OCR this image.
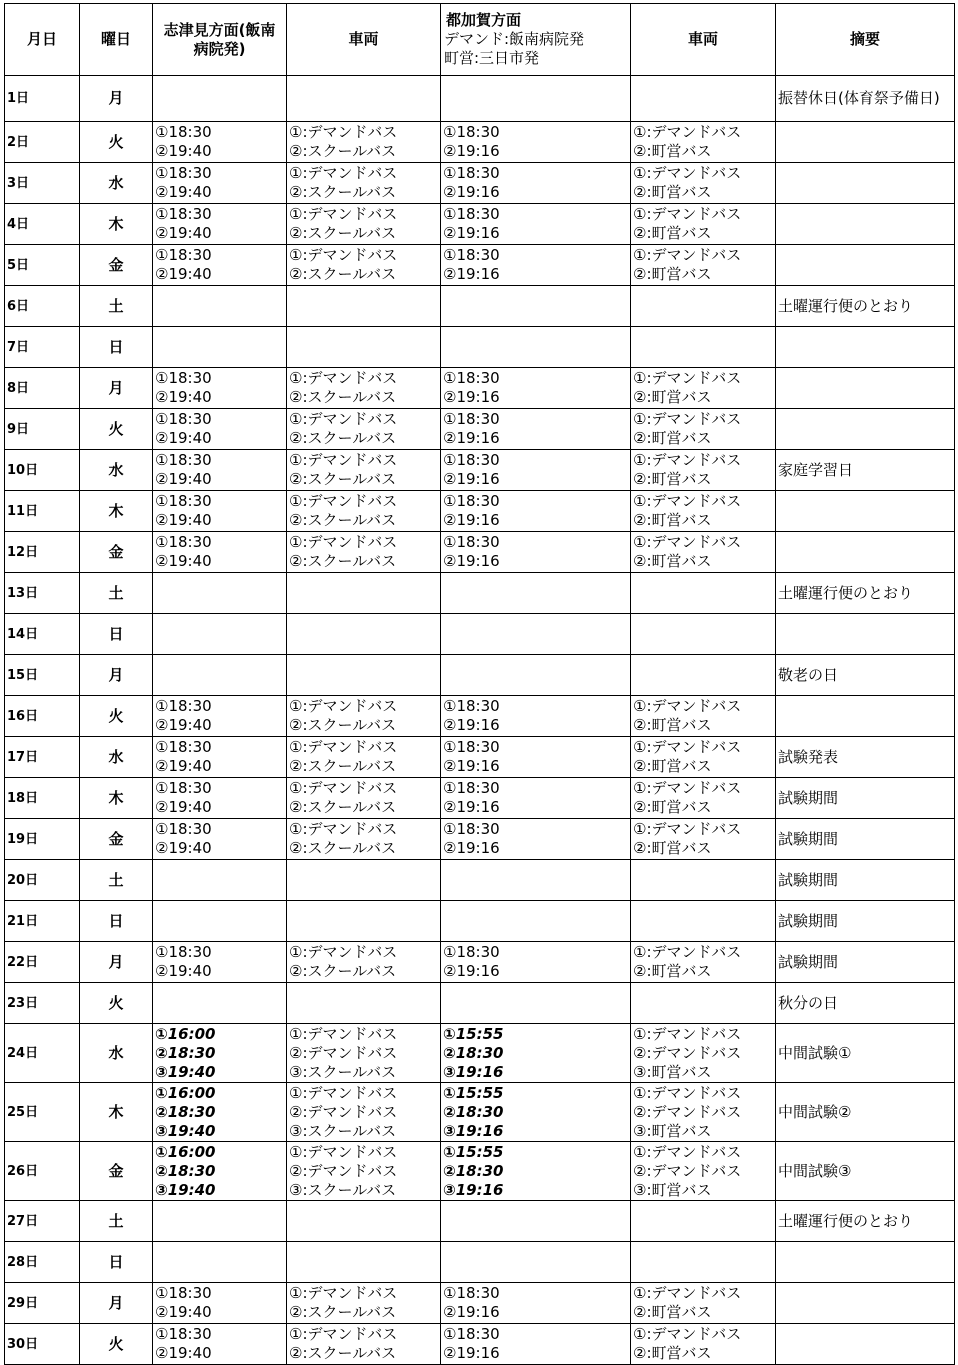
月日	曜日	志津見方面(飯南
病院発)	車両	都加賀方面
デマンド:飯南病院発
町営:三日市発	車両	摘要
1日	月					振替休日(体育祭予備日)
2日	火	①18:30
②19:40	①:デマンドバス
②:スクールバス	①18:30
②19:16	①:デマンドバス
②:町営バス	

3日	水	①18:30
②19:40	①:デマンドバス
②:スクールバス	①18:30
②19:16	①:デマンドバス
②:町営バス	

4日	木	①18:30
②19:40	①:デマンドバス
②:スクールバス	①18:30
②19:16	①:デマンドバス
②:町営バス	

5日	金	①18:30
②19:40	①:デマンドバス
②:スクールバス	①18:30
②19:16	①:デマンドバス
②:町営バス	

6日	土					土曜運行便のとおり
7日	日					
8日	月	①18:30
②19:40	①:デマンドバス
②:スクールバス	①18:30
②19:16	①:デマンドバス
②:町営バス	

9日	火	①18:30
②19:40	①:デマンドバス
②:スクールバス	①18:30
②19:16	①:デマンドバス
②:町営バス	

10日	水	①18:30
②19:40	①:デマンドバス
②:スクールバス	①18:30
②19:16	①:デマンドバス
②:町営バス	家庭学習日
11日	木	①18:30
②19:40	①:デマンドバス
②:スクールバス	①18:30
②19:16	①:デマンドバス
②:町営バス	

12日	金	①18:30
②19:40	①:デマンドバス
②:スクールバス	①18:30
②19:16	①:デマンドバス
②:町営バス	

13日	土					土曜運行便のとおり
14日	日					
15日	月					敬老の日
16日	火	①18:30
②19:40	①:デマンドバス
②:スクールバス	①18:30
②19:16	①:デマンドバス
②:町営バス	

17日	水	①18:30
②19:40	①:デマンドバス
②:スクールバス	①18:30
②19:16	①:デマンドバス
②:町営バス	試験発表
18日	木	①18:30
②19:40	①:デマンドバス
②:スクールバス	①18:30
②19:16	①:デマンドバス
②:町営バス	試験期間
19日	金	①18:30
②19:40	①:デマンドバス
②:スクールバス	①18:30
②19:16	①:デマンドバス
②:町営バス	試験期間
20日	土					試験期間
21日	日					試験期間
22日	月	①18:30
②19:40	①:デマンドバス
②:スクールバス	①18:30
②19:16	①:デマンドバス
②:町営バス	試験期間
23日	火					秋分の日
24日	水	①16:00
②18:30
③19:40	①:デマンドバス
②:デマンドバス
③:スクールバス	①15:55
②18:30
③19:16	①:デマンドバス
②:デマンドバス
③:町営バス	中間試験①
25日	木	①16:00
②18:30
③19:40	①:デマンドバス
②:デマンドバス
③:スクールバス	①15:55
②18:30
③19:16	①:デマンドバス
②:デマンドバス
③:町営バス	中間試験②
26日	金	①16:00
②18:30
③19:40	①:デマンドバス
②:デマンドバス
③:スクールバス	①15:55
②18:30
③19:16	①:デマンドバス
②:デマンドバス
③:町営バス	中間試験③
27日	土					土曜運行便のとおり
28日	日					
29日	月	①18:30
②19:40	①:デマンドバス
②:スクールバス	①18:30
②19:16	①:デマンドバス
②:町営バス	

30日	火	①18:30
②19:40	①:デマンドバス
②:スクールバス	①18:30
②19:16	①:デマンドバス
②:町営バス	
